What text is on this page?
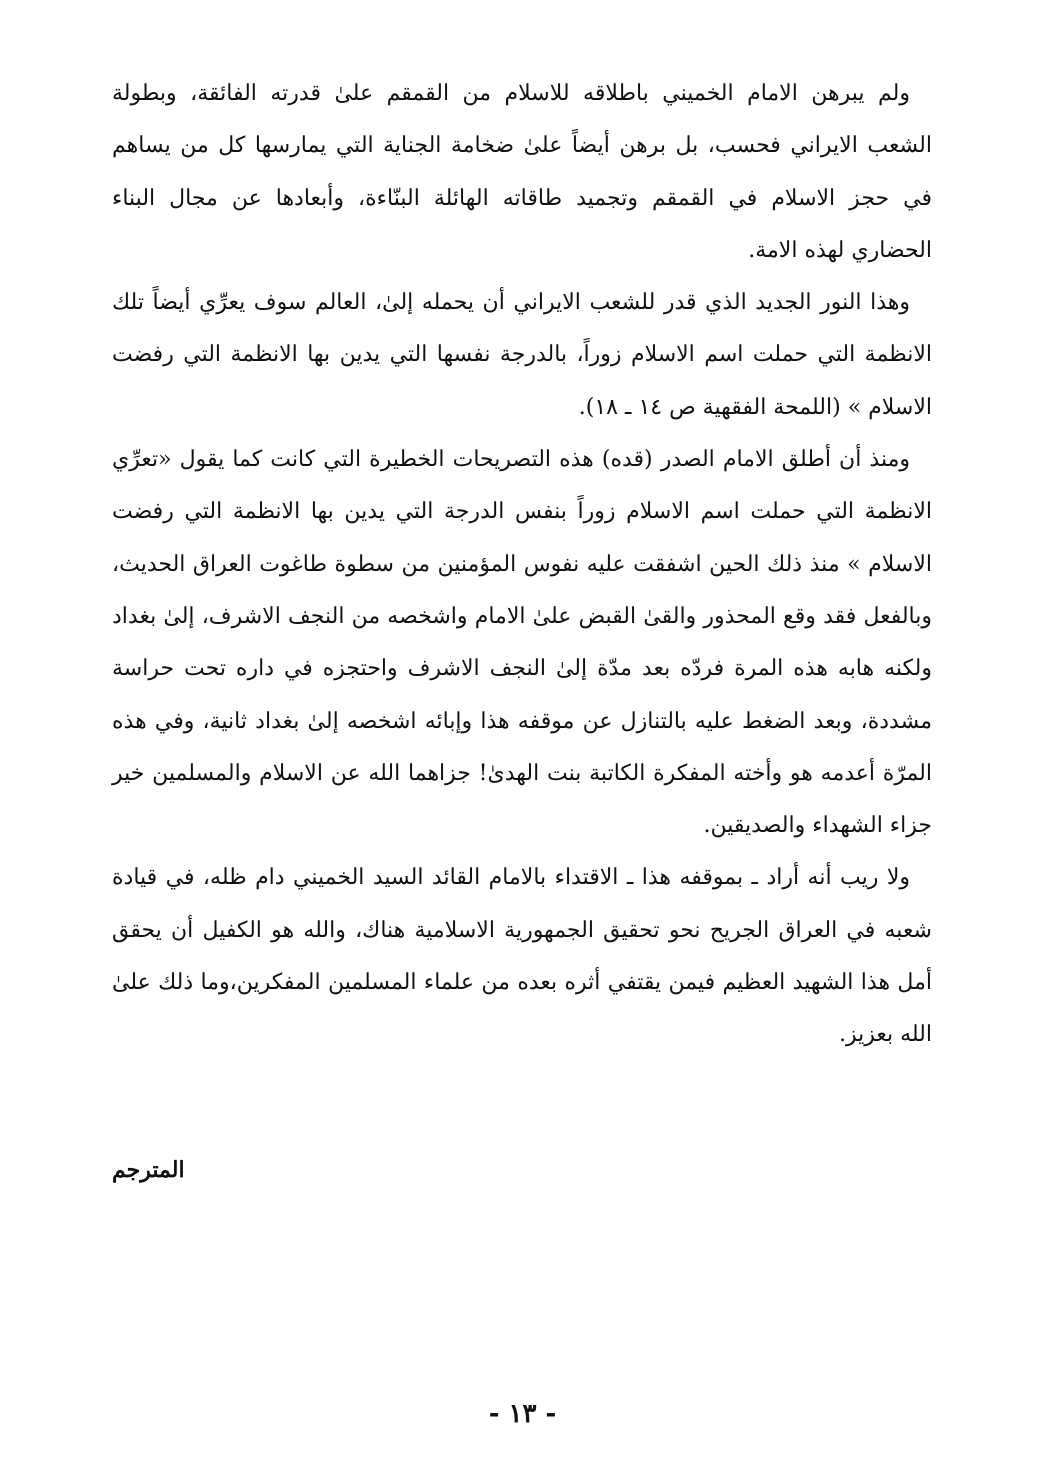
ولم يبرهن الامام الخميني باطلاقه للاسلام من القمقم علىٰ قدرته الفائقة، وبطولة الشعب الايراني فحسب، بل برهن أيضاً علىٰ ضخامة الجناية التي يمارسها كل من يساهم في حجز الاسلام في القمقم وتجميد طاقاته الهائلة البنّاءة، وأبعادها عن مجال البناء الحضاري لهذه الامة.

وهذا النور الجديد الذي قدر للشعب الايراني أن يحمله إلىٰ، العالم سوف يعرِّي أيضاً تلك الانظمة التي حملت اسم الاسلام زوراً، بالدرجة نفسها التي يدين بها الانظمة التي رفضت الاسلام » (اللمحة الفقهية ص ١٤ ـ ١٨).

ومنذ أن أطلق الامام الصدر (قده) هذه التصريحات الخطيرة التي كانت كما يقول «تعرِّي الانظمة التي حملت اسم الاسلام زوراً بنفس الدرجة التي يدين بها الانظمة التي رفضت الاسلام » منذ ذلك الحين اشفقت عليه نفوس المؤمنين من سطوة طاغوت العراق الحديث، وبالفعل فقد وقع المحذور والقىٰ القبض علىٰ الامام واشخصه من النجف الاشرف، إلىٰ بغداد ولكنه هابه هذه المرة فردّه بعد مدّة إلىٰ النجف الاشرف واحتجزه في داره تحت حراسة مشددة، وبعد الضغط عليه بالتنازل عن موقفه هذا وإبائه اشخصه إلىٰ بغداد ثانية، وفي هذه المرّة أعدمه هو وأخته المفكرة الكاتبة بنت الهدىٰ! جزاهما الله عن الاسلام والمسلمين خير جزاء الشهداء والصديقين.

ولا ريب أنه أراد ـ بموقفه هذا ـ الاقتداء بالامام القائد السيد الخميني دام ظله، في قيادة شعبه في العراق الجريح نحو تحقيق الجمهورية الاسلامية هناك، والله هو الكفيل أن يحقق أمل هذا الشهيد العظيم فيمن يقتفي أثره بعده من علماء المسلمين المفكرين،وما ذلك علىٰ الله بعزيز.

المترجم
- ١٣ -
